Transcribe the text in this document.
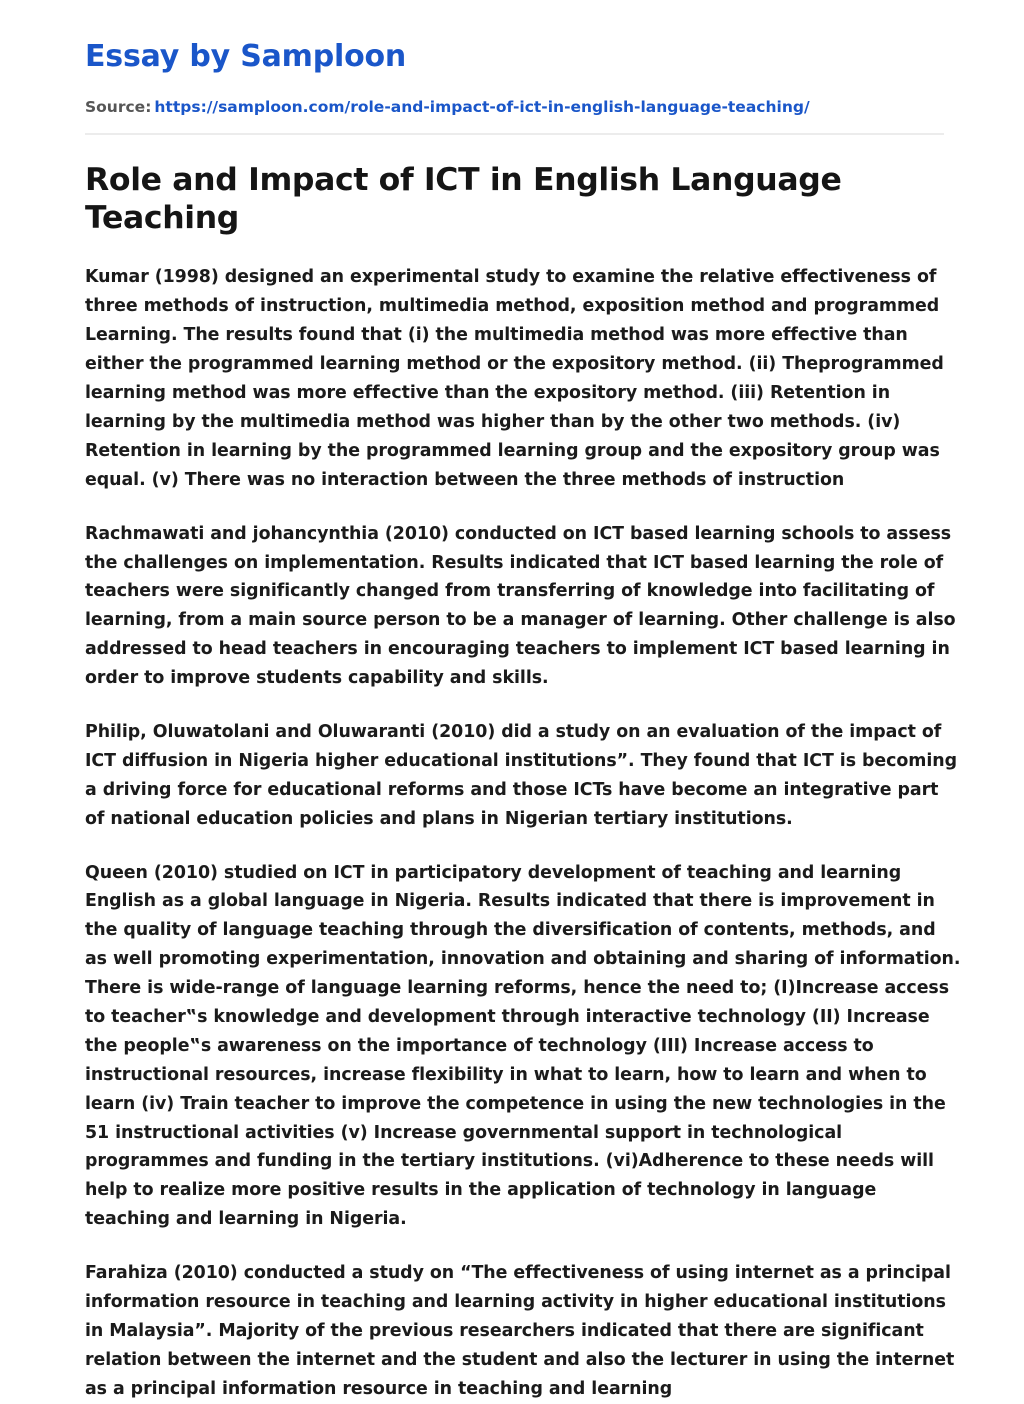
Essay by Samploon
Source: https://samploon.com/role-and-impact-of-ict-in-english-language-teaching/
Role and Impact of ICT in English Language Teaching

Kumar (1998) designed an experimental study to examine the relative effectiveness of three methods of instruction, multimedia method, exposition method and programmed Learning. The results found that (i) the multimedia method was more effective than either the programmed learning method or the expository method. (ii) Theprogrammed learning method was more effective than the expository method. (iii) Retention in learning by the multimedia method was higher than by the other two methods. (iv) Retention in learning by the programmed learning group and the expository group was equal. (v) There was no interaction between the three methods of instruction

Rachmawati and johancynthia (2010) conducted on ICT based learning schools to assess the challenges on implementation. Results indicated that ICT based learning the role of teachers were significantly changed from transferring of knowledge into facilitating of learning, from a main source person to be a manager of learning. Other challenge is also addressed to head teachers in encouraging teachers to implement ICT based learning in order to improve students capability and skills.

Philip, Oluwatolani and Oluwaranti (2010) did a study on an evaluation of the impact of ICT diffusion in Nigeria higher educational institutions”. They found that ICT is becoming a driving force for educational reforms and those ICTs have become an integrative part of national education policies and plans in Nigerian tertiary institutions.

Queen (2010) studied on ICT in participatory development of teaching and learning English as a global language in Nigeria. Results indicated that there is improvement in the quality of language teaching through the diversification of contents, methods, and as well promoting experimentation, innovation and obtaining and sharing of information. There is wide-range of language learning reforms, hence the need to; (I)Increase access to teacher‟s knowledge and development through interactive technology (II) Increase the people‟s awareness on the importance of technology (III) Increase access to instructional resources, increase flexibility in what to learn, how to learn and when to learn (iv) Train teacher to improve the competence in using the new technologies in the 51 instructional activities (v) Increase governmental support in technological programmes and funding in the tertiary institutions. (vi)Adherence to these needs will help to realize more positive results in the application of technology in language teaching and learning in Nigeria.

Farahiza (2010) conducted a study on “The effectiveness of using internet as a principal information resource in teaching and learning activity in higher educational institutions in Malaysia”. Majority of the previous researchers indicated that there are significant relation between the internet and the student and also the lecturer in using the internet as a principal information resource in teaching and learning
